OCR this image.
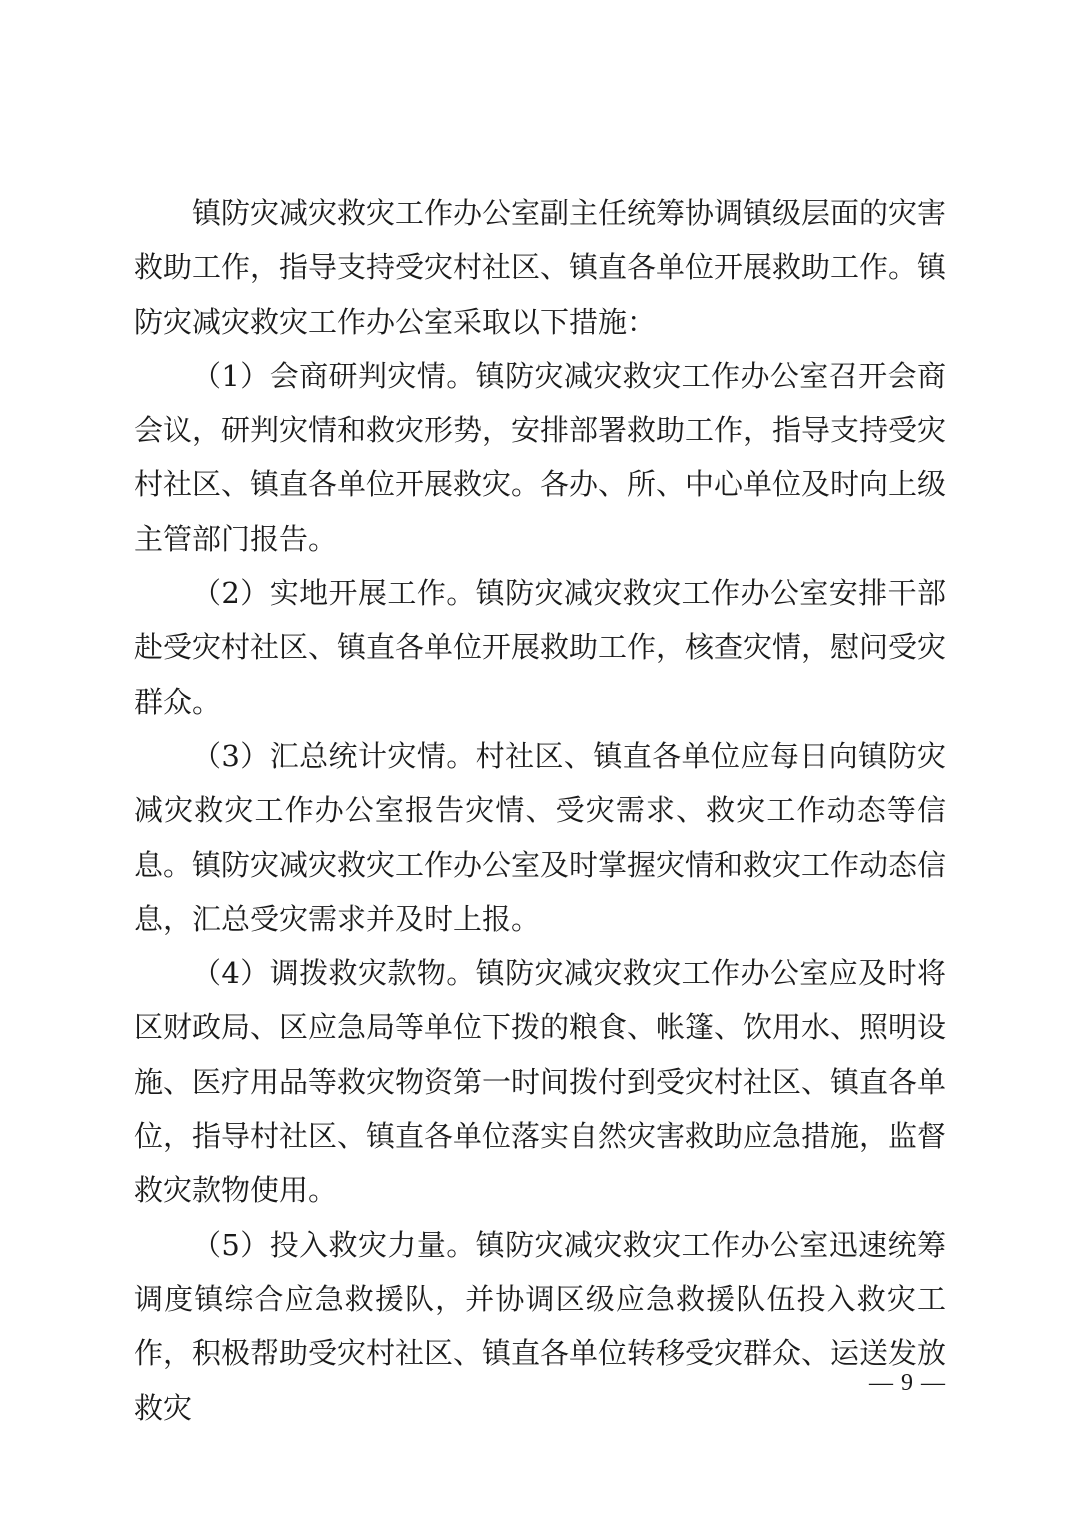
镇防灾减灾救灾工作办公室副主任统筹协调镇级层面的灾害救助工作，指导支持受灾村社区、镇直各单位开展救助工作。镇防灾减灾救灾工作办公室采取以下措施：

（1）会商研判灾情。镇防灾减灾救灾工作办公室召开会商会议，研判灾情和救灾形势，安排部署救助工作，指导支持受灾村社区、镇直各单位开展救灾。各办、所、中心单位及时向上级主管部门报告。

（2）实地开展工作。镇防灾减灾救灾工作办公室安排干部赴受灾村社区、镇直各单位开展救助工作，核查灾情，慰问受灾群众。

（3）汇总统计灾情。村社区、镇直各单位应每日向镇防灾减灾救灾工作办公室报告灾情、受灾需求、救灾工作动态等信息。镇防灾减灾救灾工作办公室及时掌握灾情和救灾工作动态信息，汇总受灾需求并及时上报。

（4）调拨救灾款物。镇防灾减灾救灾工作办公室应及时将区财政局、区应急局等单位下拨的粮食、帐篷、饮用水、照明设施、医疗用品等救灾物资第一时间拨付到受灾村社区、镇直各单位，指导村社区、镇直各单位落实自然灾害救助应急措施，监督救灾款物使用。

（5）投入救灾力量。镇防灾减灾救灾工作办公室迅速统筹调度镇综合应急救援队，并协调区级应急救援队伍投入救灾工作，积极帮助受灾村社区、镇直各单位转移受灾群众、运送发放救灾

— 9 —
